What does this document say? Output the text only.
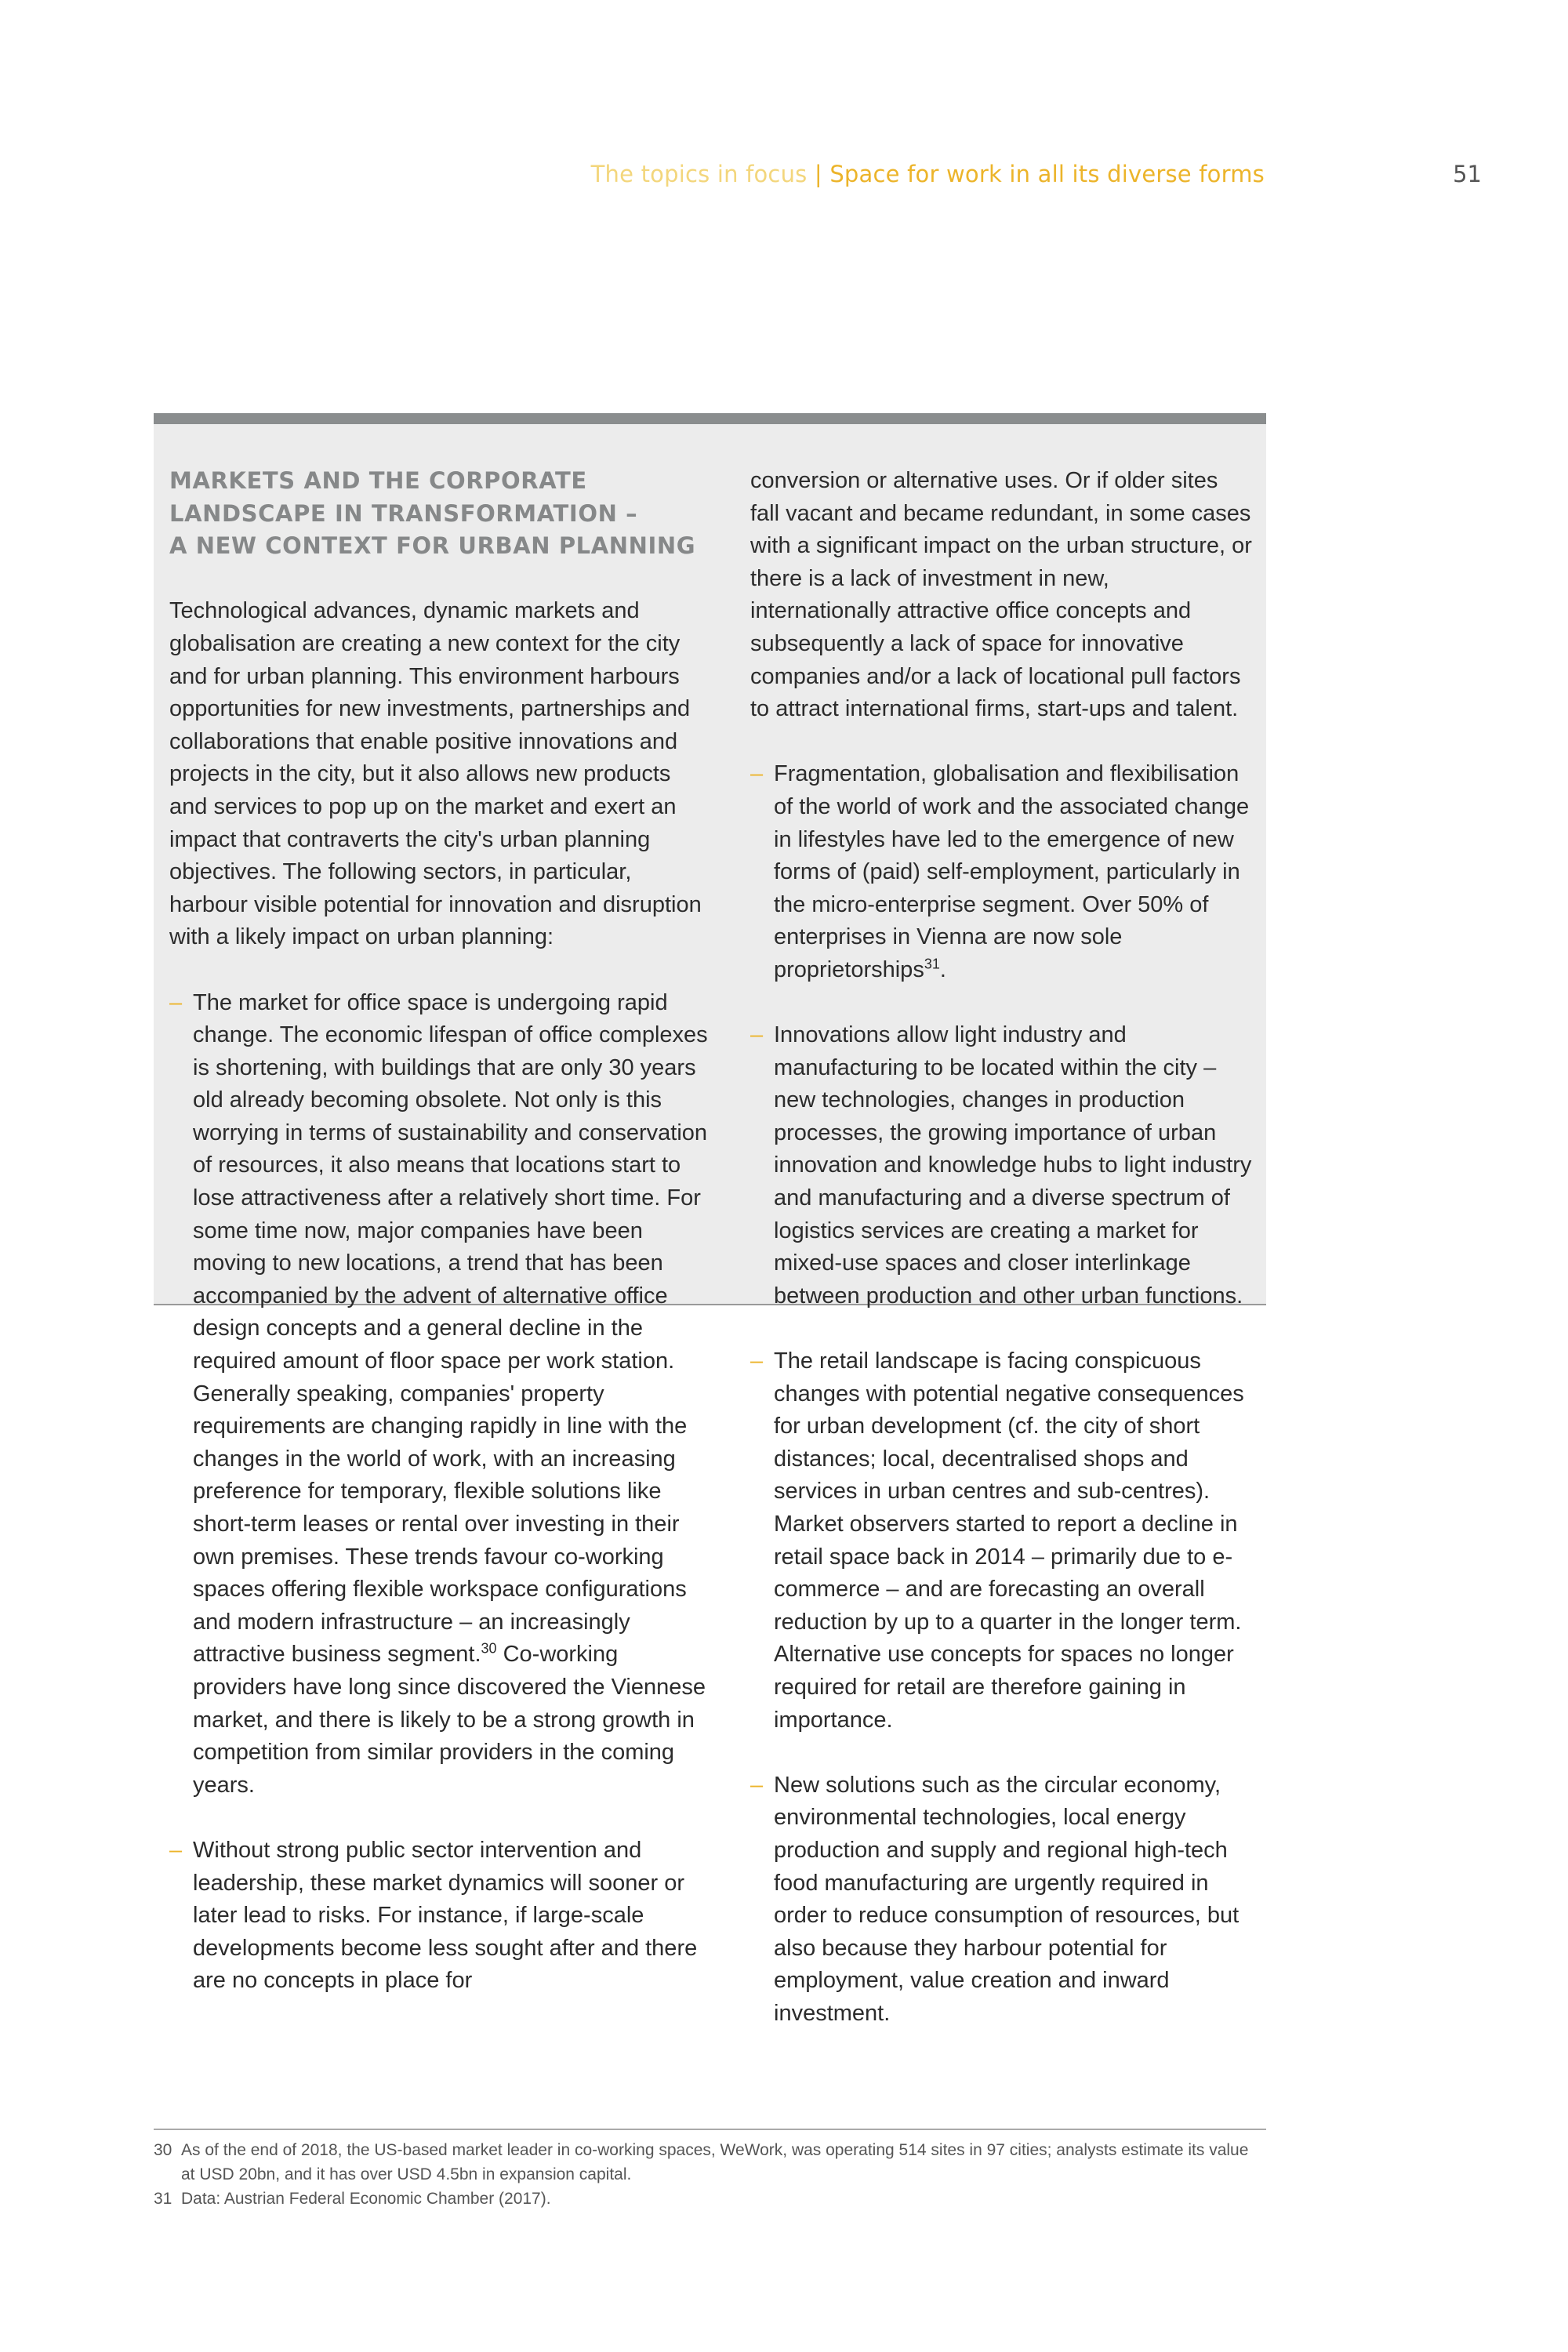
The topics in focus | Space for work in all its diverse forms	51
MARKETS AND THE CORPORATE
LANDSCAPE IN TRANSFORMATION –
A NEW CONTEXT FOR URBAN PLANNING

Technological advances, dynamic markets and globalisation are creating a new context for the city and for urban planning. This environment harbours opportunities for new investments, partnerships and collaborations that enable positive innovations and projects in the city, but it also allows new products and services to pop up on the market and exert an impact that contraverts the city's urban planning objectives. The following sectors, in particular, harbour visible potential for innovation and disruption with a likely impact on urban planning:

– The market for office space is undergoing rapid change. The economic lifespan of office complexes is shortening, with buildings that are only 30 years old already becoming obsolete. Not only is this worrying in terms of sustainability and conservation of resources, it also means that locations start to lose attractiveness after a relatively short time. For some time now, major companies have been moving to new locations, a trend that has been accompanied by the advent of alternative office design concepts and a general decline in the required amount of floor space per work station. Generally speaking, companies' property requirements are changing rapidly in line with the changes in the world of work, with an increasing preference for temporary, flexible solutions like short-term leases or rental over investing in their own premises. These trends favour co-working spaces offering flexible workspace configurations and modern infrastructure – an increasingly attractive business segment.$^{30}$ Co-working providers have long since discovered the Viennese market, and there is likely to be a strong growth in competition from similar providers in the coming years.
– Without strong public sector intervention and leadership, these market dynamics will sooner or later lead to risks. For instance, if large-scale developments become less sought after and there are no concepts in place for

conversion or alternative uses. Or if older sites fall vacant and became redundant, in some cases with a significant impact on the urban structure, or there is a lack of investment in new, internationally attractive office concepts and subsequently a lack of space for innovative companies and/or a lack of locational pull factors to attract international firms, start-ups and talent.

– Fragmentation, globalisation and flexibilisation of the world of work and the associated change in lifestyles have led to the emergence of new forms of (paid) self-employment, particularly in the micro-enterprise segment. Over 50% of enterprises in Vienna are now sole proprietorships$^{31}$.
– Innovations allow light industry and manufacturing to be located within the city – new technologies, changes in production processes, the growing importance of urban innovation and knowledge hubs to light industry and manufacturing and a diverse spectrum of logistics services are creating a market for mixed-use spaces and closer interlinkage between production and other urban functions.
– The retail landscape is facing conspicuous changes with potential negative consequences for urban development (cf. the city of short distances; local, decentralised shops and services in urban centres and sub-centres). Market observers started to report a decline in retail space back in 2014 – primarily due to e-commerce – and are forecasting an overall reduction by up to a quarter in the longer term. Alternative use concepts for spaces no longer required for retail are therefore gaining in importance.
– New solutions such as the circular economy, environmental technologies, local energy production and supply and regional high-tech food manufacturing are urgently required in order to reduce consumption of resources, but also because they harbour potential for employment, value creation and inward investment.
30 As of the end of 2018, the US-based market leader in co-working spaces, WeWork, was operating 514 sites in 97 cities; analysts estimate its value at USD 20bn, and it has over USD 4.5bn in expansion capital.
31 Data: Austrian Federal Economic Chamber (2017).
